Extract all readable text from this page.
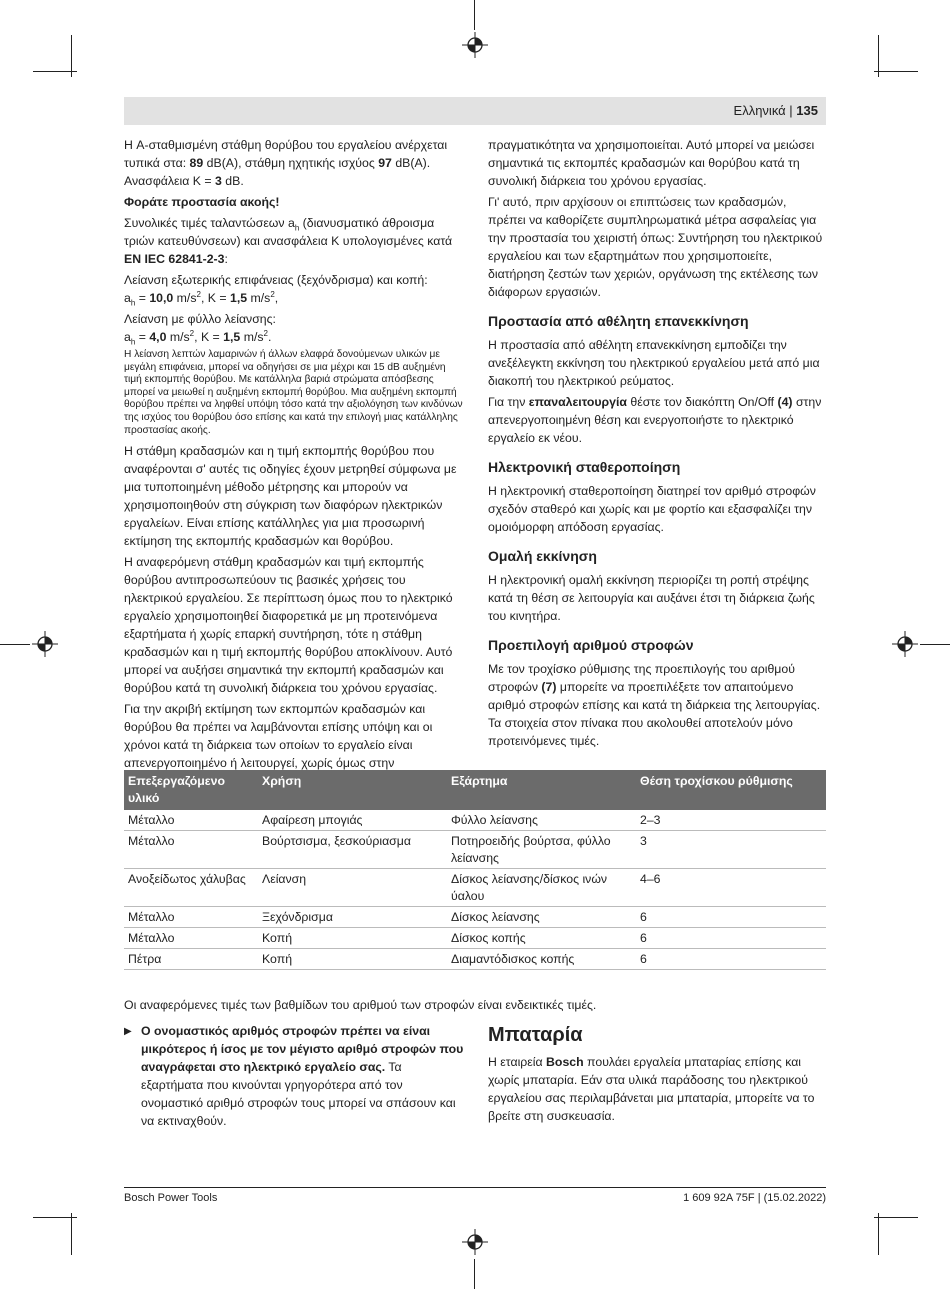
Ελληνικά | 135

Η A-σταθμισμένη στάθμη θορύβου του εργαλείου ανέρχεται τυπικά στα: 89 dB(A), στάθμη ηχητικής ισχύος 97 dB(A). Ανασφάλεια K = 3 dB.

Φοράτε προστασία ακοής!

Συνολικές τιμές ταλαντώσεων $a_h$ (διανυσματικό άθροισμα τριών κατευθύνσεων) και ανασφάλεια K υπολογισμένες κατά EN IEC 62841-2-3:

Λείανση εξωτερικής επιφάνειας (ξεχόνδρισμα) και κοπή:
$a_h = 10,0$ $m/s^2$, K = 1,5 $m/s^2$,

Λείανση με φύλλο λείανσης:
$a_h = 4,0$ $m/s^2$, K = 1,5 $m/s^2$.

Η λείανση λεπτών λαμαρινών ή άλλων ελαφρά δονούμενων υλικών με μεγάλη επιφάνεια, μπορεί να οδηγήσει σε μια μέχρι και 15 dB αυξημένη τιμή εκπομπής θορύβου. Με κατάλληλα βαριά στρώματα απόσβεσης μπορεί να μειωθεί η αυξημένη εκπομπή θορύβου. Μια αυξημένη εκπομπή θορύβου πρέπει να ληφθεί υπόψη τόσο κατά την αξιολόγηση των κινδύνων της ισχύος του θορύβου όσο επίσης και κατά την επιλογή μιας κατάλληλης προστασίας ακοής.

Η στάθμη κραδασμών και η τιμή εκπομπής θορύβου που αναφέρονται σ' αυτές τις οδηγίες έχουν μετρηθεί σύμφωνα με μια τυποποιημένη μέθοδο μέτρησης και μπορούν να χρησιμοποιηθούν στη σύγκριση των διαφόρων ηλεκτρικών εργαλείων. Είναι επίσης κατάλληλες για μια προσωρινή εκτίμηση της εκπομπής κραδασμών και θορύβου.

Η αναφερόμενη στάθμη κραδασμών και τιμή εκπομπής θορύβου αντιπροσωπεύουν τις βασικές χρήσεις του ηλεκτρικού εργαλείου. Σε περίπτωση όμως που το ηλεκτρικό εργαλείο χρησιμοποιηθεί διαφορετικά με μη προτεινόμενα εξαρτήματα ή χωρίς επαρκή συντήρηση, τότε η στάθμη κραδασμών και η τιμή εκπομπής θορύβου αποκλίνουν. Αυτό μπορεί να αυξήσει σημαντικά την εκπομπή κραδασμών και θορύβου κατά τη συνολική διάρκεια του χρόνου εργασίας.

Για την ακριβή εκτίμηση των εκπομπών κραδασμών και θορύβου θα πρέπει να λαμβάνονται επίσης υπόψη και οι χρόνοι κατά τη διάρκεια των οποίων το εργαλείο είναι απενεργοποιημένο ή λειτουργεί, χωρίς όμως στην

πραγματικότητα να χρησιμοποιείται. Αυτό μπορεί να μειώσει σημαντικά τις εκπομπές κραδασμών και θορύβου κατά τη συνολική διάρκεια του χρόνου εργασίας.

Γι' αυτό, πριν αρχίσουν οι επιπτώσεις των κραδασμών, πρέπει να καθορίζετε συμπληρωματικά μέτρα ασφαλείας για την προστασία του χειριστή όπως: Συντήρηση του ηλεκτρικού εργαλείου και των εξαρτημάτων που χρησιμοποιείτε, διατήρηση ζεστών των χεριών, οργάνωση της εκτέλεσης των διάφορων εργασιών.

Προστασία από αθέλητη επανεκκίνηση

Η προστασία από αθέλητη επανεκκίνηση εμποδίζει την ανεξέλεγκτη εκκίνηση του ηλεκτρικού εργαλείου μετά από μια διακοπή του ηλεκτρικού ρεύματος.

Για την επαναλειτουργία θέστε τον διακόπτη On/Off (4) στην απενεργοποιημένη θέση και ενεργοποιήστε το ηλεκτρικό εργαλείο εκ νέου.

Ηλεκτρονική σταθεροποίηση

Η ηλεκτρονική σταθεροποίηση διατηρεί τον αριθμό στροφών σχεδόν σταθερό και χωρίς και με φορτίο και εξασφαλίζει την ομοιόμορφη απόδοση εργασίας.

Ομαλή εκκίνηση

Η ηλεκτρονική ομαλή εκκίνηση περιορίζει τη ροπή στρέψης κατά τη θέση σε λειτουργία και αυξάνει έτσι τη διάρκεια ζωής του κινητήρα.

Προεπιλογή αριθμού στροφών

Με τον τροχίσκο ρύθμισης της προεπιλογής του αριθμού στροφών (7) μπορείτε να προεπιλέξετε τον απαιτούμενο αριθμό στροφών επίσης και κατά τη διάρκεια της λειτουργίας. Τα στοιχεία στον πίνακα που ακολουθεί αποτελούν μόνο προτεινόμενες τιμές.

Επεξεργαζόμενο υλικό	Χρήση	Εξάρτημα	Θέση τροχίσκου ρύθμισης
Μέταλλο	Αφαίρεση μπογιάς	Φύλλο λείανσης	2–3
Μέταλλο	Βούρτσισμα, ξεσκούριασμα	Ποτηροειδής βούρτσα, φύλλο λείανσης	3
Ανοξείδωτος χάλυβας	Λείανση	Δίσκος λείανσης/δίσκος ινών ύαλου	4–6
Μέταλλο	Ξεχόνδρισμα	Δίσκος λείανσης	6
Μέταλλο	Κοπή	Δίσκος κοπής	6
Πέτρα	Κοπή	Διαμαντόδισκος κοπής	6
Οι αναφερόμενες τιμές των βαθμίδων του αριθμού των στροφών είναι ενδεικτικές τιμές.
▶ Ο ονομαστικός αριθμός στροφών πρέπει να είναι μικρότερος ή ίσος με τον μέγιστο αριθμό στροφών που αναγράφεται στο ηλεκτρικό εργαλείο σας. Τα εξαρτήματα που κινούνται γρηγορότερα από τον ονομαστικό αριθμό στροφών τους μπορεί να σπάσουν και να εκτιναχθούν.
Μπαταρία

Η εταιρεία Bosch πουλάει εργαλεία μπαταρίας επίσης και χωρίς μπαταρία. Εάν στα υλικά παράδοσης του ηλεκτρικού εργαλείου σας περιλαμβάνεται μια μπαταρία, μπορείτε να το βρείτε στη συσκευασία.

Bosch Power Tools	1 609 92A 75F | (15.02.2022)
